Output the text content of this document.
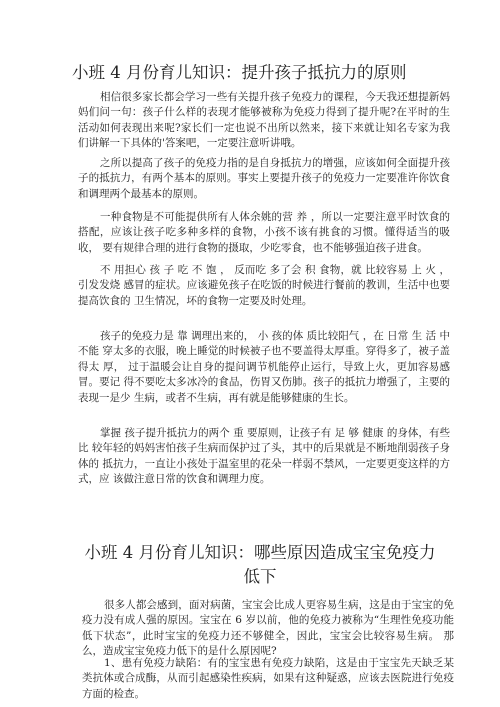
小班 4 月份育儿知识：提升孩子抵抗力的原则

相信很多家长都会学习一些有关提升孩子免疫力的课程，今天我还想提新妈妈们问一句：孩子什么样的表现才能够被称为免疫力得到了提升呢?在平时的生活动如何表现出来呢?家长们一定也说不出所以然来，接下来就让知名专家为我们讲解一下具体的'答案吧，一定要注意听讲哦。

之所以提高了孩子的免疫力指的是自身抵抗力的增强，应该如何全面提升孩子的抵抗力，有两个基本的原则。事实上要提升孩子的免疫力一定要准许你饮食和调理两个最基本的原则。

一种食物是不可能提供所有人体余姚的营 养 ，所以一定要注意平时饮食的 搭配，应该让孩子吃多种多样的食物，小孩不该有挑食的习惯。懂得适当的吸收， 要有规律合理的进行食物的摄取，少吃零食，也不能够强迫孩子进食。

不 用担心 孩 子 吃 不 饱 ， 反而吃 多了会 积 食物，就 比较容易 上 火 ， 引发发烧 感冒的症状。应该避免孩子在吃饭的时候进行餐前的教训，生活中也要提高饮食的 卫生情况，坏的食物一定要及时处理。

孩子的免疫力是 靠 调理出来的， 小 孩的体 质比较阳气 ，在 日常 生 活 中 不能 穿太多的衣服，晚上睡觉的时候被子也不要盖得太厚重。穿得多了，被子盖得太 厚， 过于温暖会让自身的提问调节机能停止运行，导致上火，更加容易感冒。要记 得不要吃太多冰冷的食品，伤胃又伤肺。孩子的抵抗力增强了，主要的表现一是少 生病，或者不生病，再有就是能够健康的生长。

掌握 孩子提升抵抗力的两个 重 要原则，让孩子有 足 够 健康 的身体，有些 比 较年轻的妈妈害怕孩子生病而保护过了头，其中的后果就是不断地削弱孩子身体的 抵抗力，一直让小孩处于温室里的花朵一样弱不禁风，一定要更变这样的方式，应 该做注意日常的饮食和调理力度。

小班 4 月份育儿知识：哪些原因造成宝宝免疫力低下

很多人都会感到，面对病菌，宝宝会比成人更容易生病，这是由于宝宝的免疫力没有成人强的原因。宝宝在 6 岁以前，他的免疫力被称为“生理性免疫功能低下状态”，此时宝宝的免疫力还不够健全，因此，宝宝会比较容易生病。 那么，造成宝宝免疫力低下的是什么原因呢?

1、患有免疫力缺陷：有的宝宝患有免疫力缺陷，这是由于宝宝先天缺乏某类抗体或合成酶，从而引起感染性疾病，如果有这种疑惑，应该去医院进行免疫方面的检查。
